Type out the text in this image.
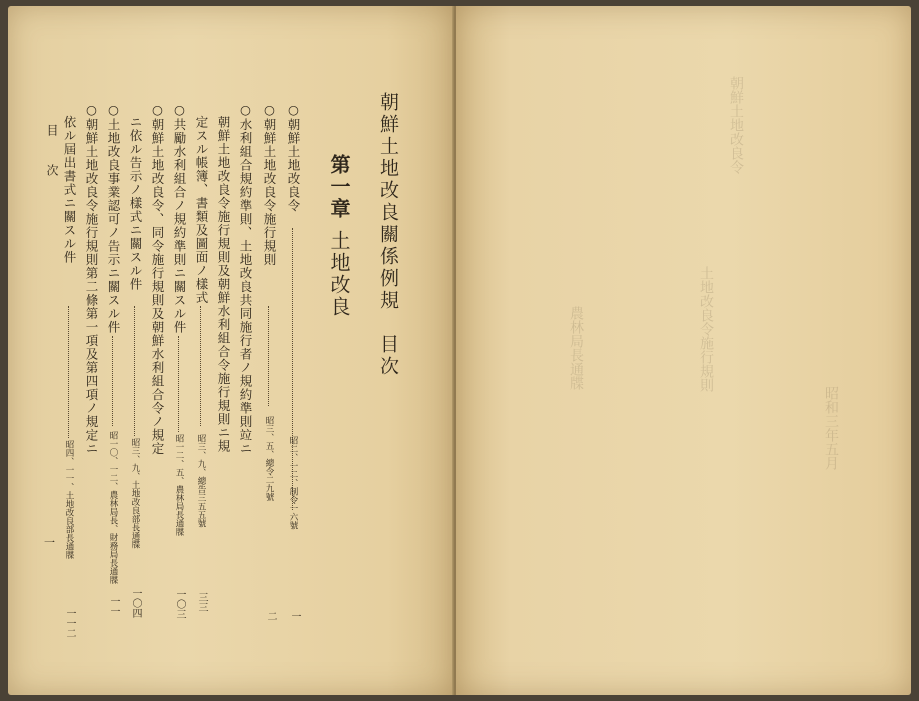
朝鮮土地改良關係例規　目次
第一章土地改良
○朝鮮土地改良令
昭二、一二、制令一六號
一
○朝鮮土地改良令施行規則
昭三、五、總令二九號
二
○水利組合規約準則、土地改良共同施行者ノ規約準則竝ニ
　朝鮮土地改良令施行規則及朝鮮水利組合令施行規則ニ規
　定スル帳簿、書類及圖面ノ樣式
昭三、九、總告三五五號
三三
○共勵水利組合ノ規約準則ニ關スル件
昭一二、五、農林局長通牒
一〇三
○朝鮮土地改良令、同令施行規則及朝鮮水利組合令ノ規定
　ニ依ル告示ノ樣式ニ關スル件
昭三、九、土地改良部長通牒
一〇四
○土地改良事業認可ノ告示ニ關スル件
昭一〇、一二、農林局長、財務局長通牒
一一
○朝鮮土地改良令施行規則第二條第一項及第四項ノ規定ニ
　依ル屆出書式ニ關スル件
昭四、一一、土地改良部長通牒
一一二
目　次
一
朝鮮土地改良令
土地改良令施行規則
昭和三年五月
農林局長通牒
